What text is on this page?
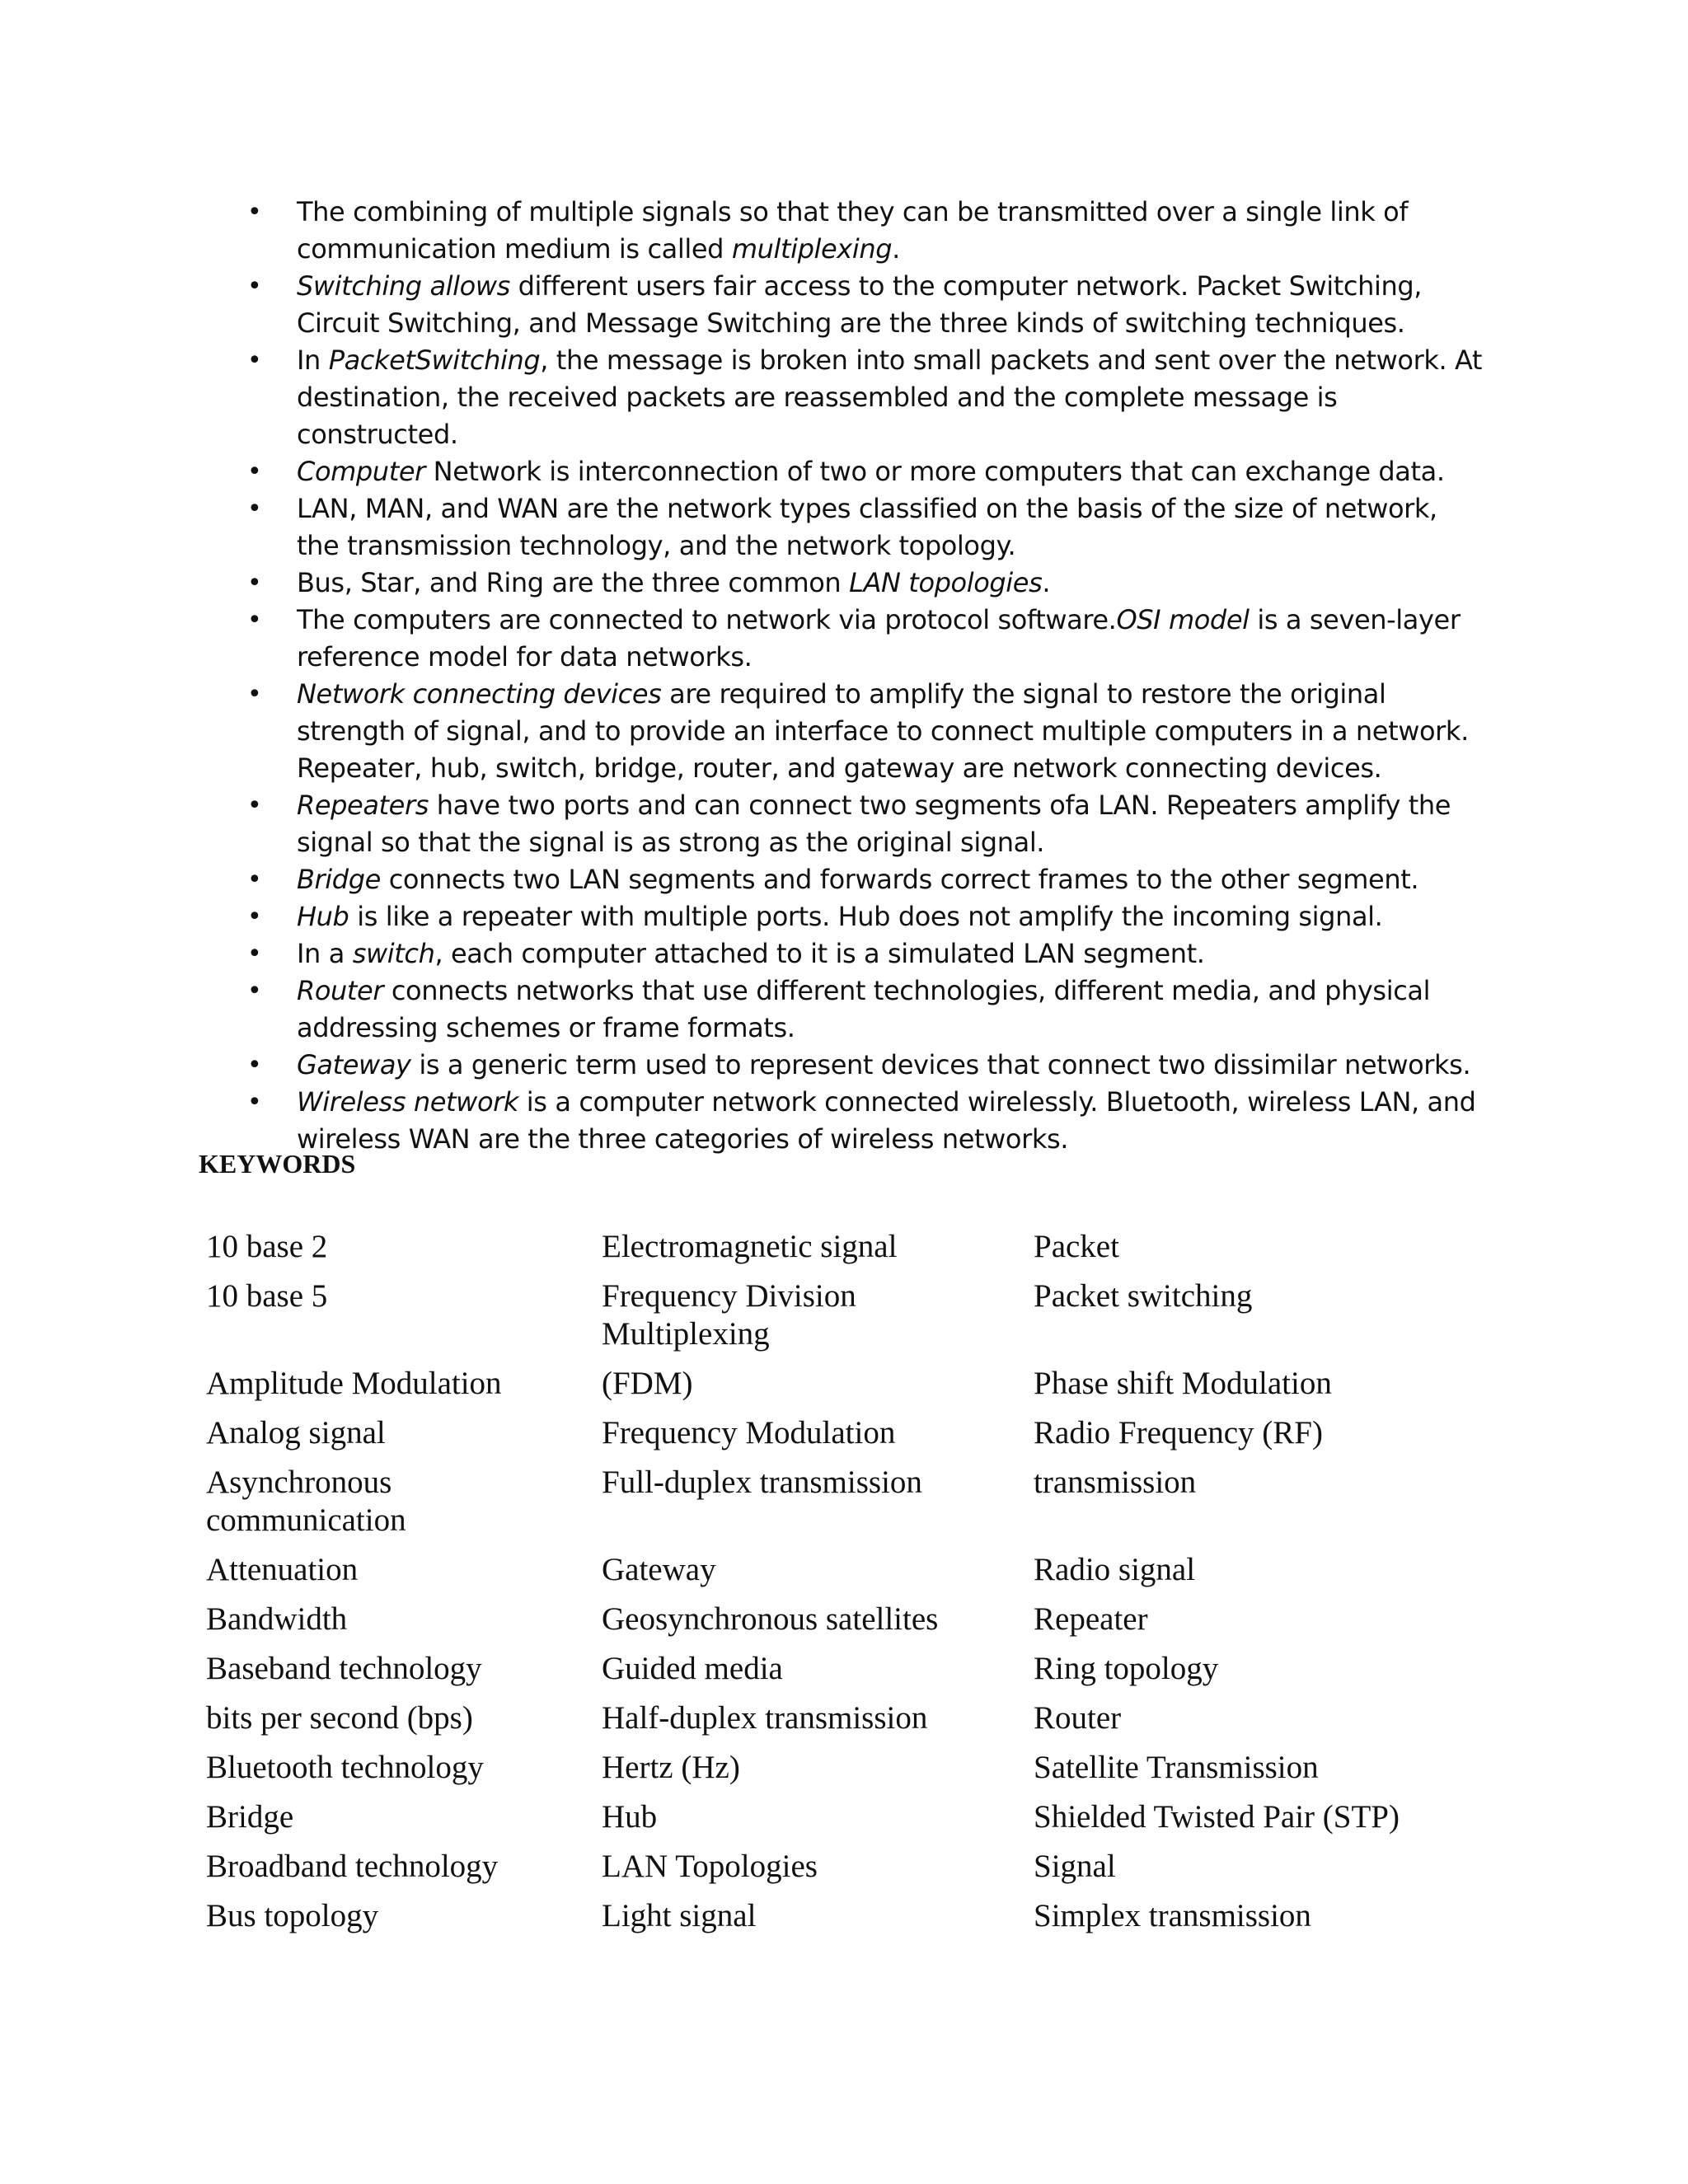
• The combining of multiple signals so that they can be transmitted over a single link of communication medium is called multiplexing.
• Switching allows different users fair access to the computer network. Packet Switching, Circuit Switching, and Message Switching are the three kinds of switching techniques.
• In PacketSwitching, the message is broken into small packets and sent over the network. At destination, the received packets are reassembled and the complete message is constructed.
• Computer Network is interconnection of two or more computers that can exchange data.
• LAN, MAN, and WAN are the network types classified on the basis of the size of network, the transmission technology, and the network topology.
• Bus, Star, and Ring are the three common LAN topologies.
• The computers are connected to network via protocol software.OSI model is a seven-layer reference model for data networks.
• Network connecting devices are required to amplify the signal to restore the original strength of signal, and to provide an interface to connect multiple computers in a network. Repeater, hub, switch, bridge, router, and gateway are network connecting devices.
• Repeaters have two ports and can connect two segments ofa LAN. Repeaters amplify the signal so that the signal is as strong as the original signal.
• Bridge connects two LAN segments and forwards correct frames to the other segment.
• Hub is like a repeater with multiple ports. Hub does not amplify the incoming signal.
• In a switch, each computer attached to it is a simulated LAN segment.
• Router connects networks that use different technologies, different media, and physical addressing schemes or frame formats.
• Gateway is a generic term used to represent devices that connect two dissimilar networks.
• Wireless network is a computer network connected wirelessly. Bluetooth, wireless LAN, and wireless WAN are the three categories of wireless networks.
KEYWORDS
10 base 2	Electromagnetic signal	Packet
10 base 5	Frequency Division Multiplexing	Packet switching
Amplitude Modulation	(FDM)	Phase shift Modulation
Analog signal	Frequency Modulation	Radio Frequency (RF)
Asynchronous communication	Full-duplex transmission	transmission
Attenuation	Gateway	Radio signal
Bandwidth	Geosynchronous satellites	Repeater
Baseband technology	Guided media	Ring topology
bits per second (bps)	Half-duplex transmission	Router
Bluetooth technology	Hertz (Hz)	Satellite Transmission
Bridge	Hub	Shielded Twisted Pair (STP)
Broadband technology	LAN Topologies	Signal
Bus topology	Light signal	Simplex transmission
